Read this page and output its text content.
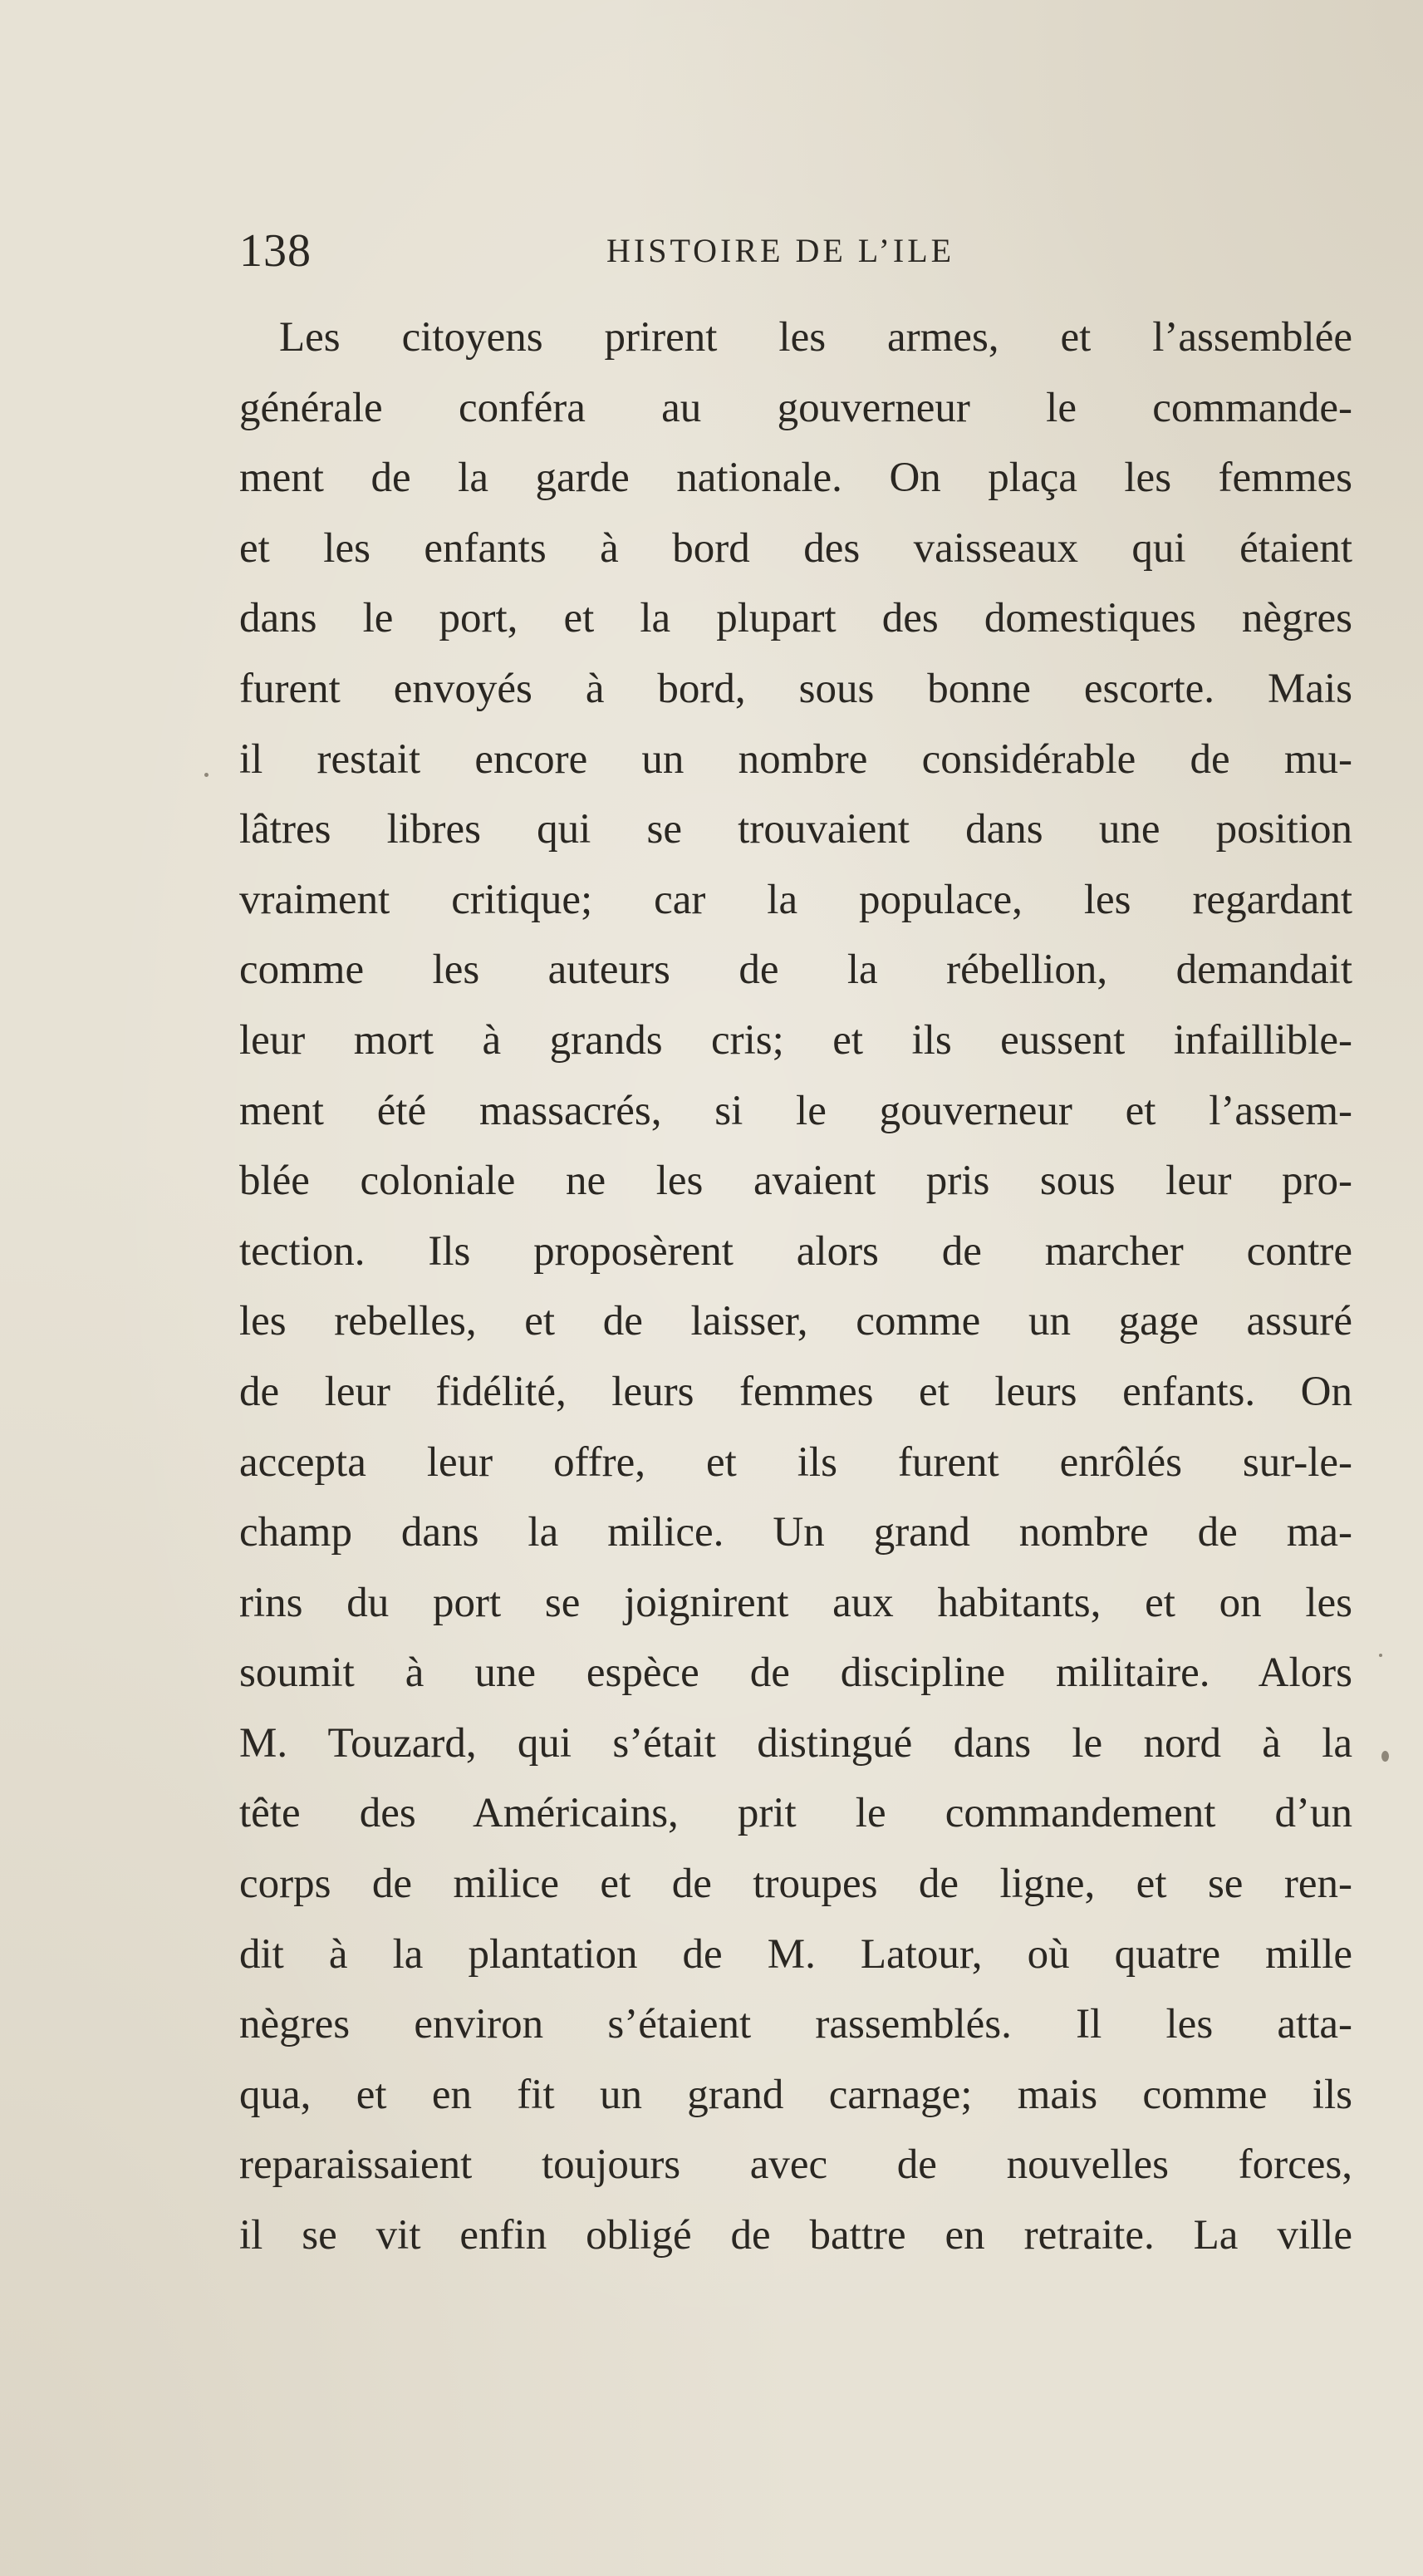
138	HISTOIRE DE L’ILE
Les citoyens prirent les armes, et l’assemblée
générale conféra au gouverneur le commande-
ment de la garde nationale. On plaça les femmes
et les enfants à bord des vaisseaux qui étaient
dans le port, et la plupart des domestiques nègres
furent envoyés à bord, sous bonne escorte. Mais
il restait encore un nombre considérable de mu-
lâtres libres qui se trouvaient dans une position
vraiment critique; car la populace, les regardant
comme les auteurs de la rébellion, demandait
leur mort à grands cris; et ils eussent infaillible-
ment été massacrés, si le gouverneur et l’assem-
blée coloniale ne les avaient pris sous leur pro-
tection. Ils proposèrent alors de marcher contre
les rebelles, et de laisser, comme un gage assuré
de leur fidélité, leurs femmes et leurs enfants. On
accepta leur offre, et ils furent enrôlés sur-le-
champ dans la milice. Un grand nombre de ma-
rins du port se joignirent aux habitants, et on les
soumit à une espèce de discipline militaire. Alors
M. Touzard, qui s’était distingué dans le nord à la
tête des Américains, prit le commandement d’un
corps de milice et de troupes de ligne, et se ren-
dit à la plantation de M. Latour, où quatre mille
nègres environ s’étaient rassemblés. Il les atta-
qua, et en fit un grand carnage; mais comme ils
reparaissaient toujours avec de nouvelles forces,
il se vit enfin obligé de battre en retraite. La ville
